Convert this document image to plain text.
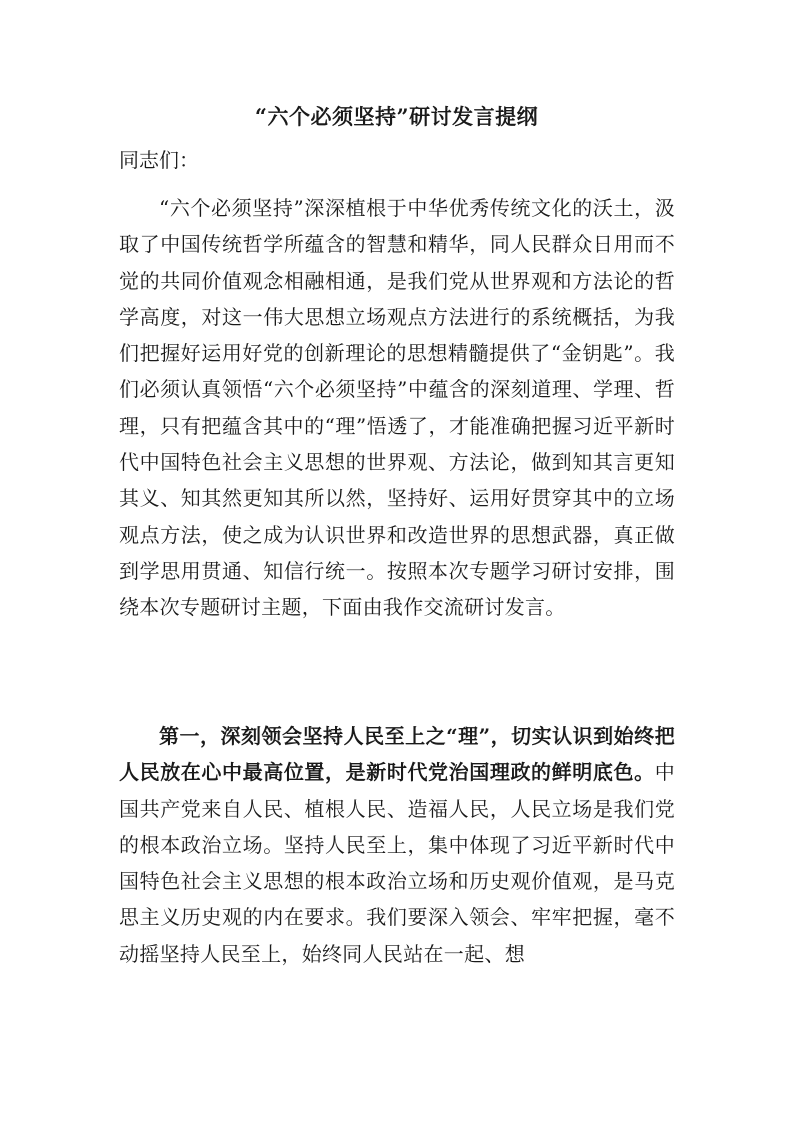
“六个必须坚持”研讨发言提纲
同志们：

“六个必须坚持”深深植根于中华优秀传统文化的沃土，汲取了中国传统哲学所蕴含的智慧和精华，同人民群众日用而不觉的共同价值观念相融相通，是我们党从世界观和方法论的哲学高度，对这一伟大思想立场观点方法进行的系统概括，为我们把握好运用好党的创新理论的思想精髓提供了“金钥匙”。我们必须认真领悟“六个必须坚持”中蕴含的深刻道理、学理、哲理，只有把蕴含其中的“理”悟透了，才能准确把握习近平新时代中国特色社会主义思想的世界观、方法论，做到知其言更知其义、知其然更知其所以然，坚持好、运用好贯穿其中的立场观点方法，使之成为认识世界和改造世界的思想武器，真正做到学思用贯通、知信行统一。按照本次专题学习研讨安排，围绕本次专题研讨主题，下面由我作交流研讨发言。

第一，深刻领会坚持人民至上之“理”，切实认识到始终把人民放在心中最高位置，是新时代党治国理政的鲜明底色。中国共产党来自人民、植根人民、造福人民，人民立场是我们党的根本政治立场。坚持人民至上，集中体现了习近平新时代中国特色社会主义思想的根本政治立场和历史观价值观，是马克思主义历史观的内在要求。我们要深入领会、牢牢把握，毫不动摇坚持人民至上，始终同人民站在一起、想
